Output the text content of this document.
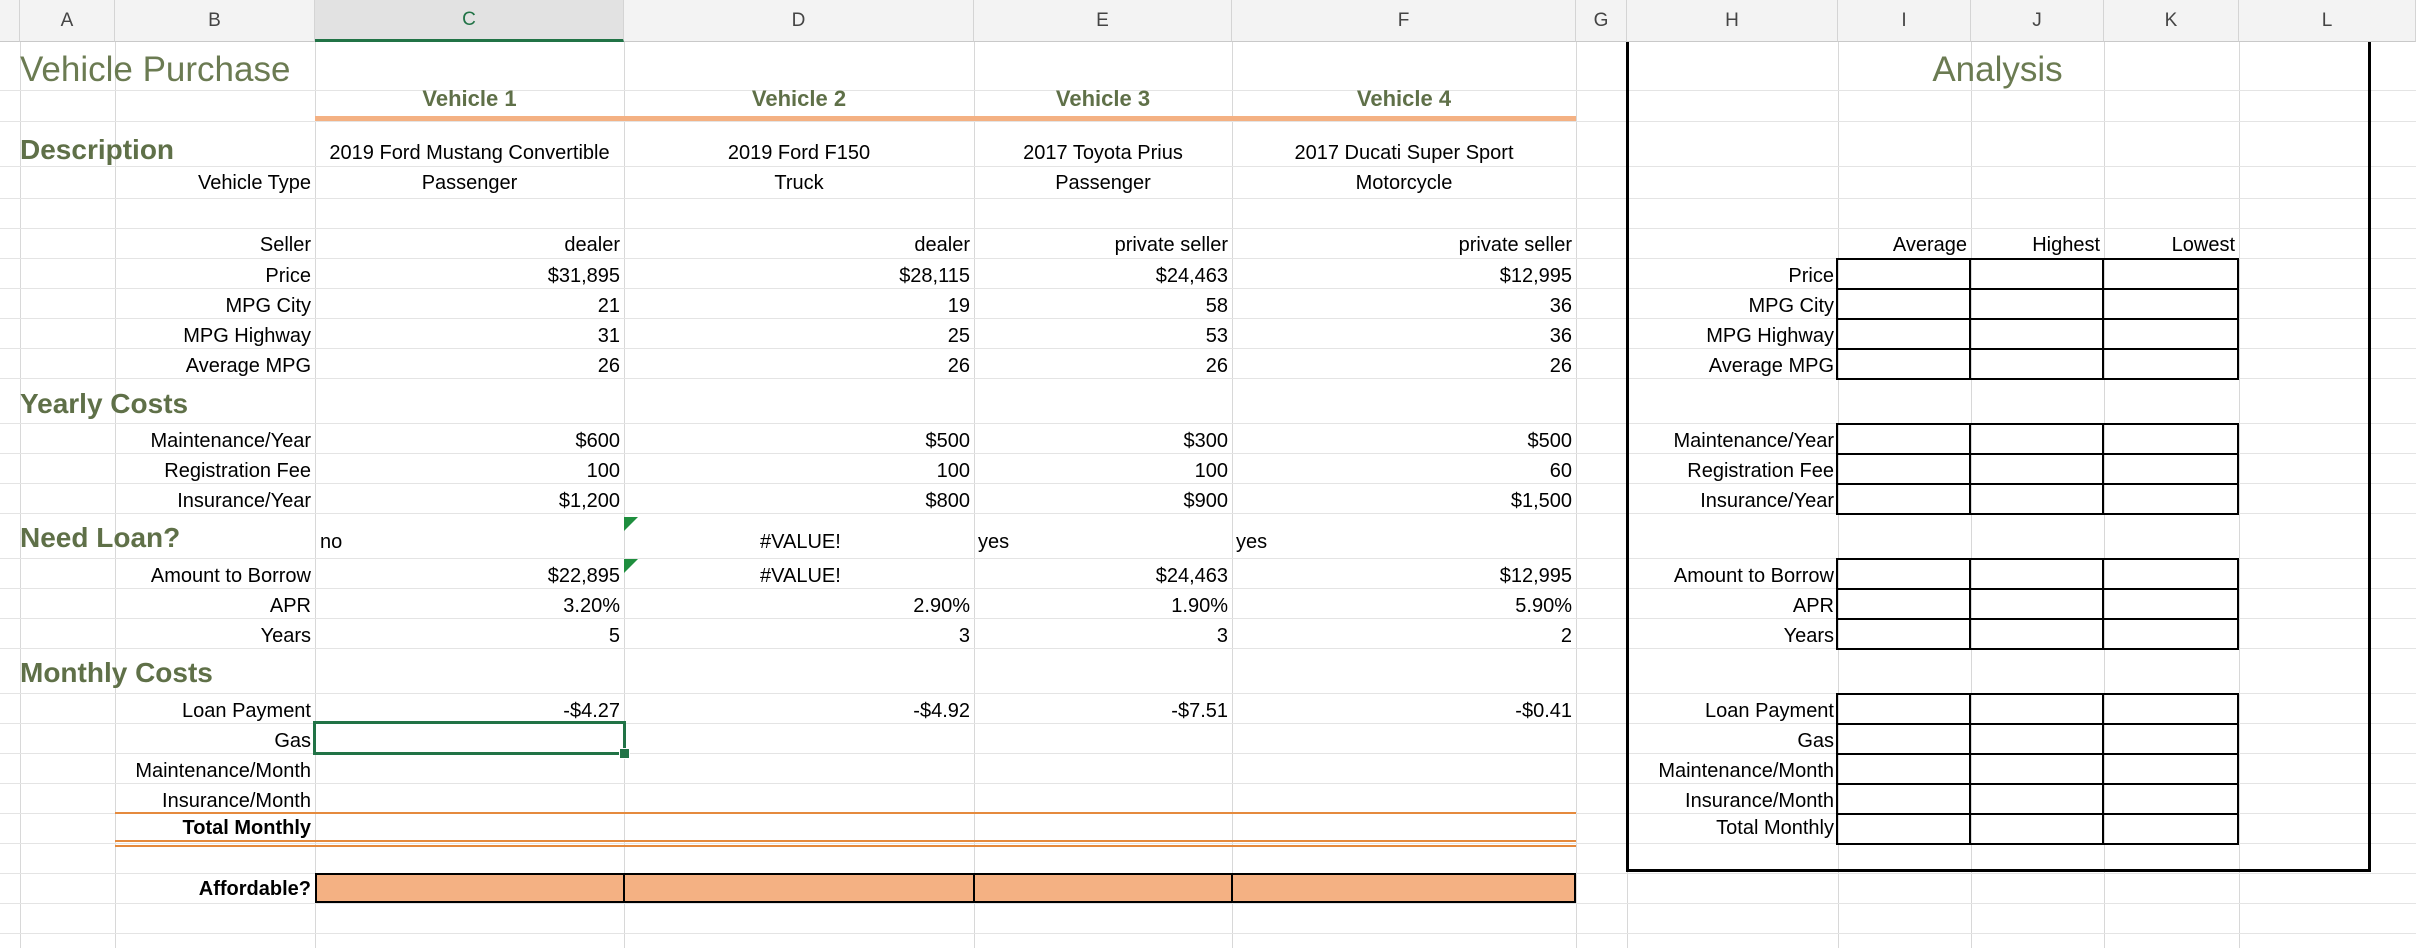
A	B	C	D	E	F	G	H	I	J	K	L
Vehicle Purchase
Vehicle 1	Vehicle 2	Vehicle 3	Vehicle 4
Description	2019 Ford Mustang Convertible	2019 Ford F150	2017 Toyota Prius	2017 Ducati Super Sport
Vehicle Type	Passenger	Truck	Passenger	Motorcycle
Seller	dealer	dealer	private seller	private seller
Price	$31,895	$28,115	$24,463	$12,995
MPG City	21	19	58	36
MPG Highway	31	25	53	36
Average MPG	26	26	26	26
Yearly Costs
Maintenance/Year	$600	$500	$300	$500
Registration Fee	100	100	100	60
Insurance/Year	$1,200	$800	$900	$1,500
Need Loan?	no	#VALUE!	yes	yes
Amount to Borrow	$22,895	#VALUE!	$24,463	$12,995
APR	3.20%	2.90%	1.90%	5.90%
Years	5	3	3	2
Monthly Costs
Loan Payment	-$4.27	-$4.92	-$7.51	-$0.41
Gas
Maintenance/Month
Insurance/Month
Total Monthly
Affordable?
Analysis
Average	Highest	Lowest
Price
MPG City
MPG Highway
Average MPG
Maintenance/Year
Registration Fee
Insurance/Year
Amount to Borrow
APR
Years
Loan Payment
Gas
Maintenance/Month
Insurance/Month
Total Monthly
